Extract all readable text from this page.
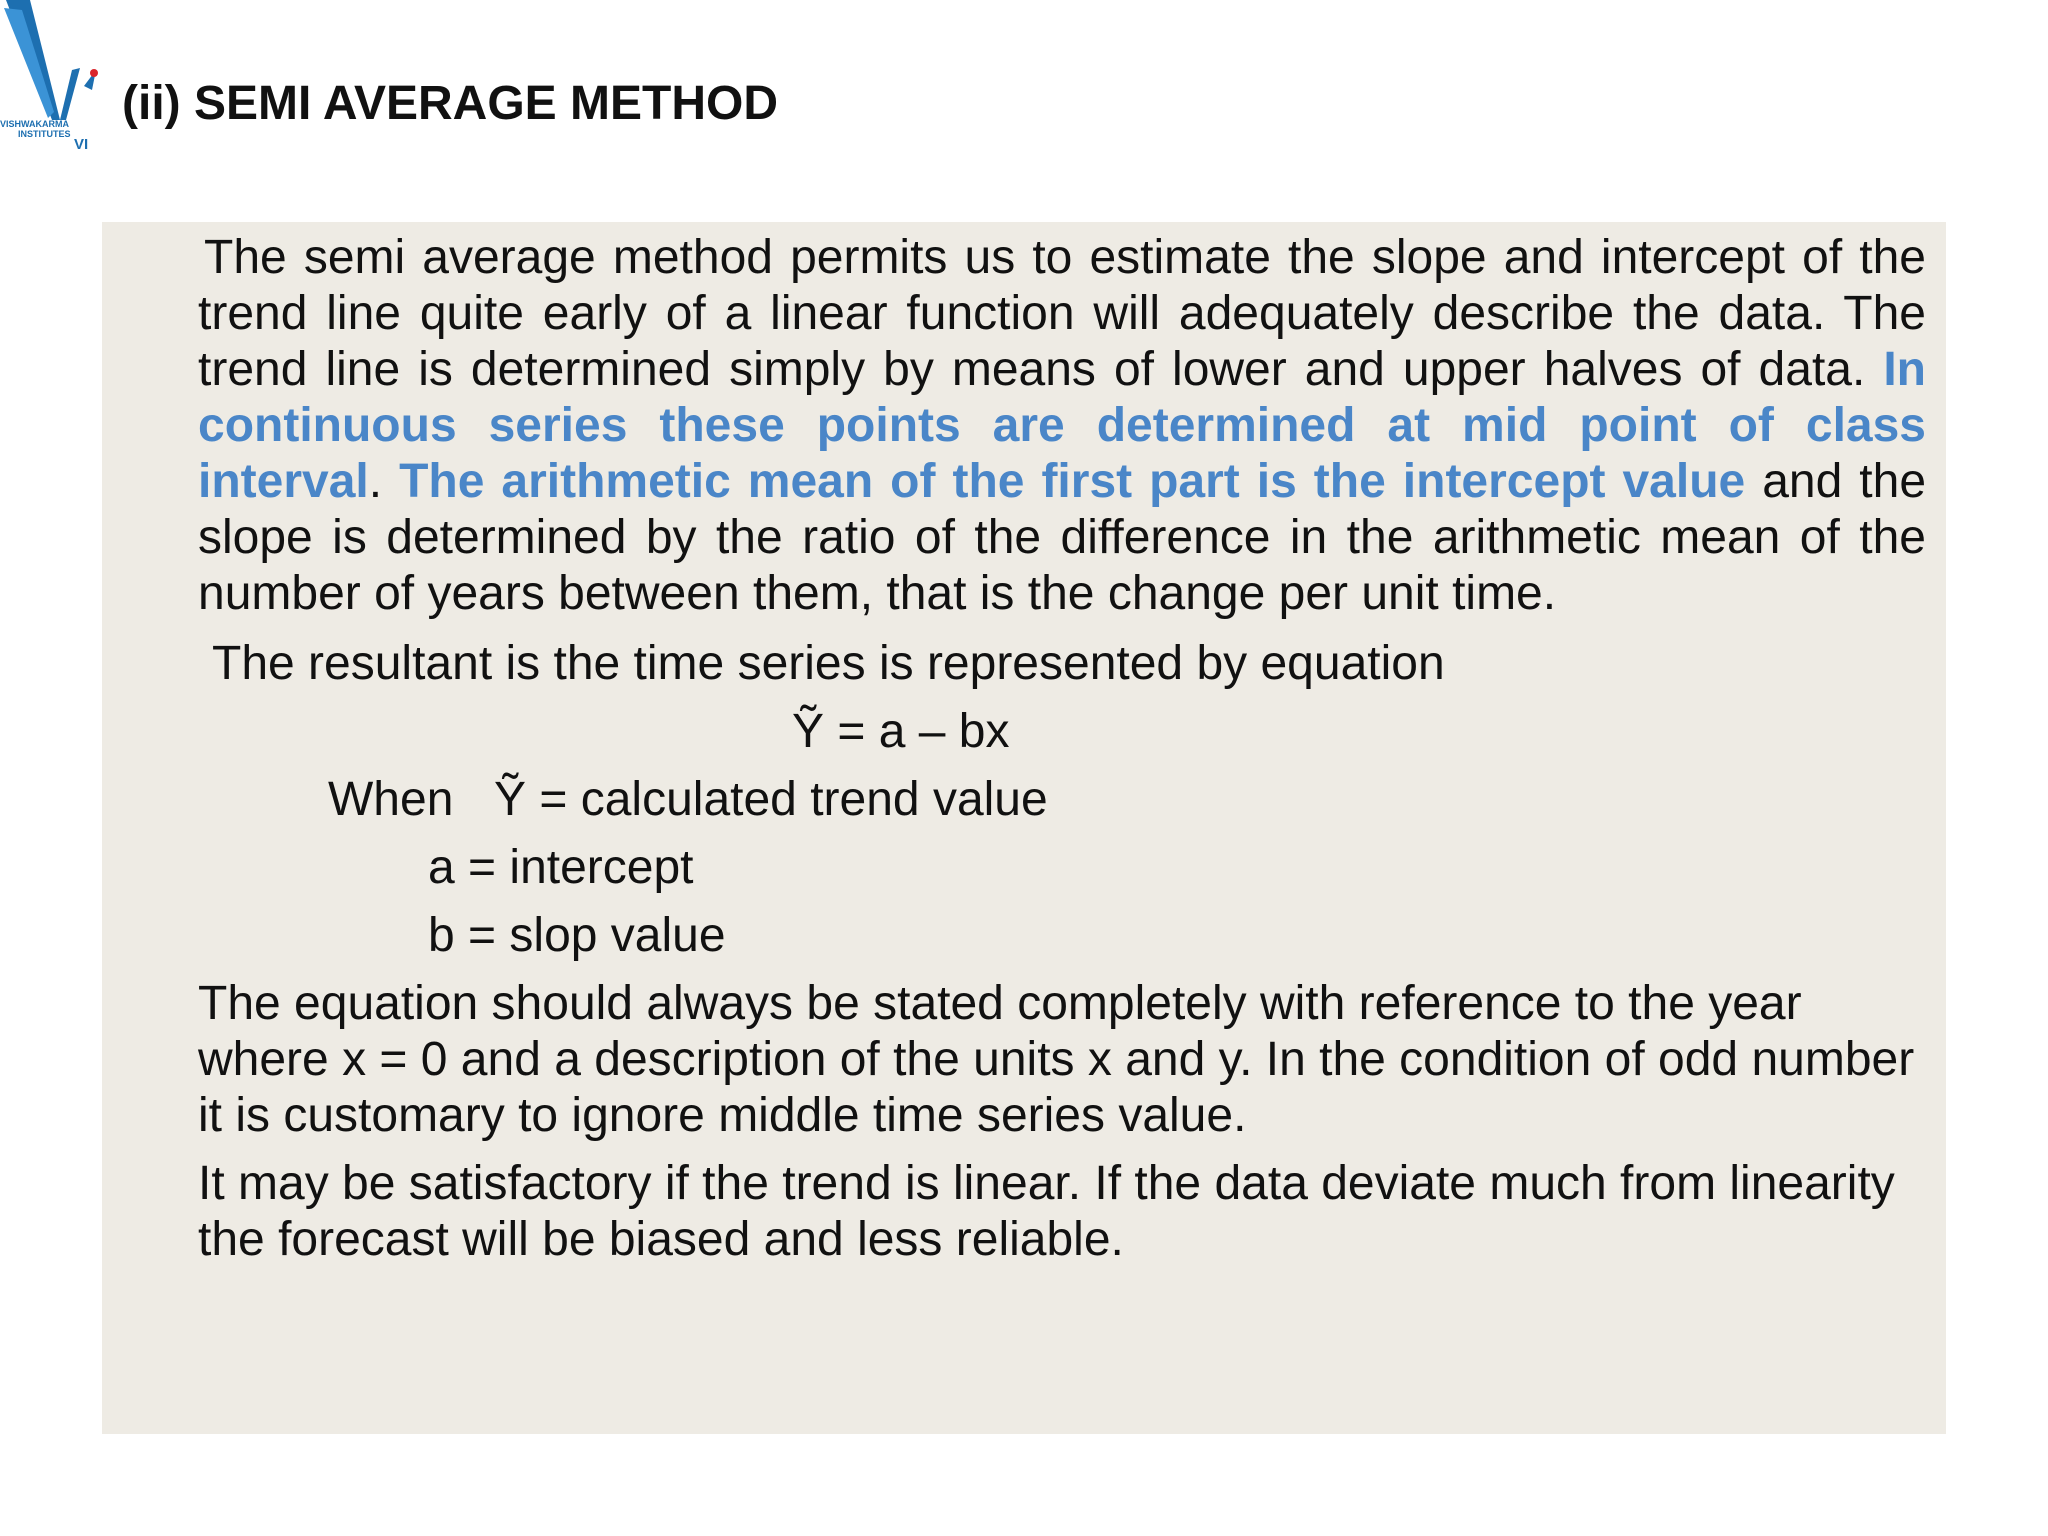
VISHWAKARMA
INSTITUTES
VI
(ii) SEMI AVERAGE METHOD

The semi average method permits us to estimate the slope and intercept of the trend line quite early of a linear function will adequately describe the data. The trend line is determined simply by means of lower and upper halves of data. In continuous series these points are determined at mid point of class interval. The arithmetic mean of the first part is the intercept value and the slope is determined by the ratio of the difference in the arithmetic mean of the number of years between them, that is the change per unit time.

The resultant is the time series is represented by equation

Ỹ = a – bx

When Ỹ = calculated trend value

a = intercept

b = slop value

The equation should always be stated completely with reference to the year where x = 0 and a description of the units x and y. In the condition of odd number it is customary to ignore middle time series value.

It may be satisfactory if the trend is linear. If the data deviate much from linearity the forecast will be biased and less reliable.
